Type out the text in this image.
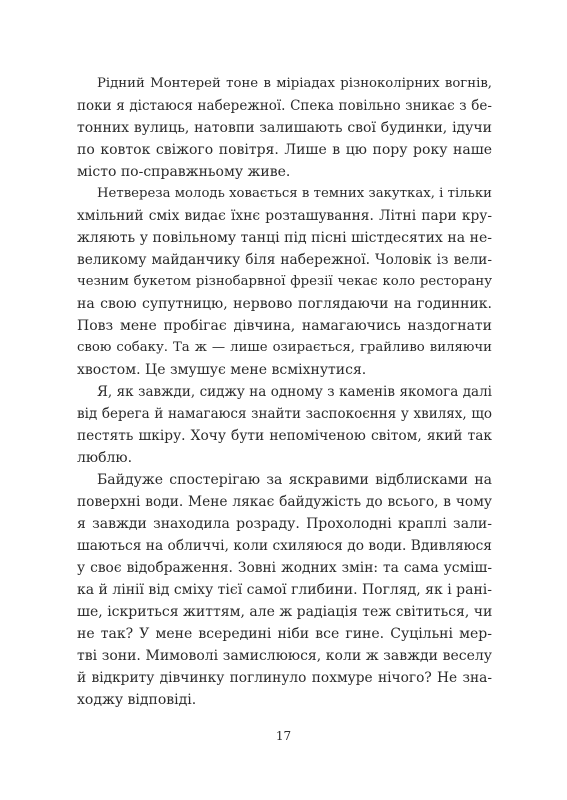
Рідний Монтерей тоне в міріадах різноколірних вогнів,
поки я дістаюся набережної. Спека повільно зникає з бе-
тонних вулиць, натовпи залишають свої будинки, ідучи
по ковток свіжого повітря. Лише в цю пору року наше
місто по-справжньому живе.
Нетвереза молодь ховається в темних закутках, і тільки
хмільний сміх видає їхнє розташування. Літні пари кру-
жляють у повільному танці під пісні шістдесятих на не-
великому майданчику біля набережної. Чоловік із вели-
чезним букетом різнобарвної фрезії чекає коло ресторану
на свою супутницю, нервово поглядаючи на годинник.
Повз мене пробігає дівчина, намагаючись наздогнати
свою собаку. Та ж — лише озирається, грайливо виляючи
хвостом. Це змушує мене всміхнутися.
Я, як завжди, сиджу на одному з каменів якомога далі
від берега й намагаюся знайти заспокоєння у хвилях, що
пестять шкіру. Хочу бути непоміченою світом, який так
люблю.
Байдуже спостерігаю за яскравими відблисками на
поверхні води. Мене лякає байдужість до всього, в чому
я завжди знаходила розраду. Прохолодні краплі зали-
шаються на обличчі, коли схиляюся до води. Вдивляюся
у своє відображення. Зовні жодних змін: та сама усміш-
ка й лінії від сміху тієї самої глибини. Погляд, як і рані-
ше, іскриться життям, але ж радіація теж світиться, чи
не так? У мене всередині ніби все гине. Суцільні мер-
тві зони. Мимоволі замислююся, коли ж завжди веселу
й відкриту дівчинку поглинуло похмуре нічого? Не зна-
ходжу відповіді.
17
